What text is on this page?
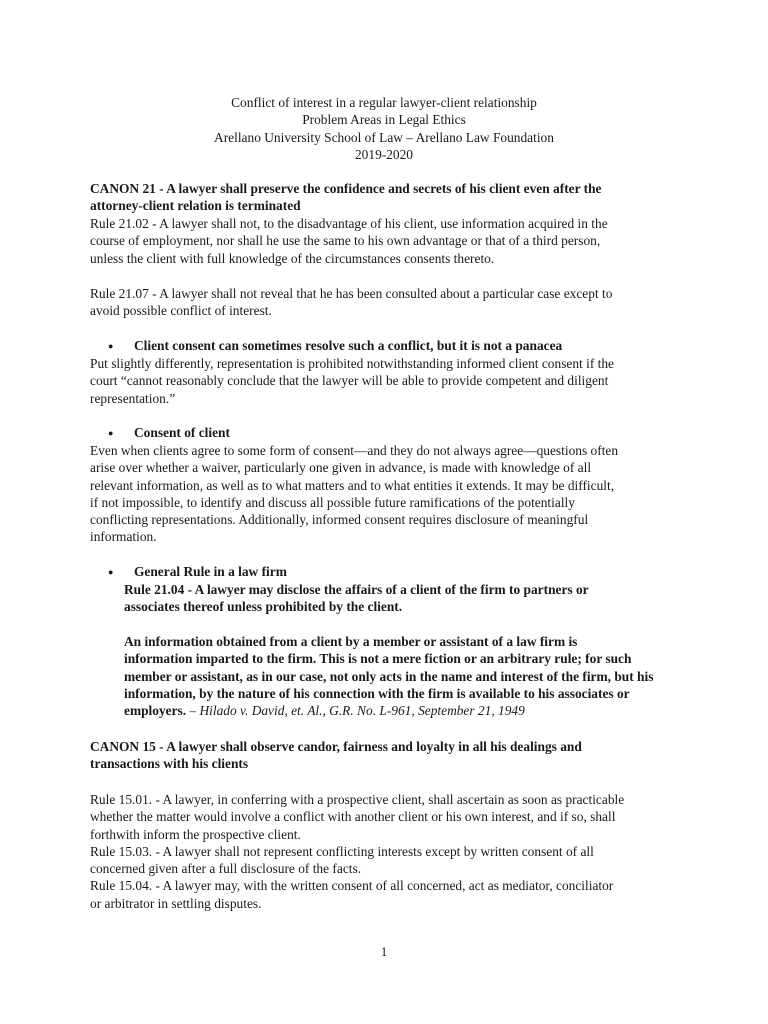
Conflict of interest in a regular lawyer-client relationship
Problem Areas in Legal Ethics
Arellano University School of Law – Arellano Law Foundation
2019-2020
CANON 21 - A lawyer shall preserve the confidence and secrets of his client even after the
attorney-client relation is terminated
Rule 21.02 - A lawyer shall not, to the disadvantage of his client, use information acquired in the
course of employment, nor shall he use the same to his own advantage or that of a third person,
unless the client with full knowledge of the circumstances consents thereto.
Rule 21.07 - A lawyer shall not reveal that he has been consulted about a particular case except to
avoid possible conflict of interest.
● Client consent can sometimes resolve such a conflict, but it is not a panacea
Put slightly differently, representation is prohibited notwithstanding informed client consent if the
court “cannot reasonably conclude that the lawyer will be able to provide competent and diligent
representation.”
● Consent of client
Even when clients agree to some form of consent—and they do not always agree—questions often
arise over whether a waiver, particularly one given in advance, is made with knowledge of all
relevant information, as well as to what matters and to what entities it extends. It may be difficult,
if not impossible, to identify and discuss all possible future ramifications of the potentially
conflicting representations. Additionally, informed consent requires disclosure of meaningful
information.
● General Rule in a law firm
Rule 21.04 - A lawyer may disclose the affairs of a client of the firm to partners or
associates thereof unless prohibited by the client.
An information obtained from a client by a member or assistant of a law firm is
information imparted to the firm. This is not a mere fiction or an arbitrary rule; for such
member or assistant, as in our case, not only acts in the name and interest of the firm, but his
information, by the nature of his connection with the firm is available to his associates or
employers. – Hilado v. David, et. Al., G.R. No. L-961, September 21, 1949
CANON 15 - A lawyer shall observe candor, fairness and loyalty in all his dealings and
transactions with his clients
Rule 15.01. - A lawyer, in conferring with a prospective client, shall ascertain as soon as practicable
whether the matter would involve a conflict with another client or his own interest, and if so, shall
forthwith inform the prospective client.
Rule 15.03. - A lawyer shall not represent conflicting interests except by written consent of all
concerned given after a full disclosure of the facts.
Rule 15.04. - A lawyer may, with the written consent of all concerned, act as mediator, conciliator
or arbitrator in settling disputes.
1
